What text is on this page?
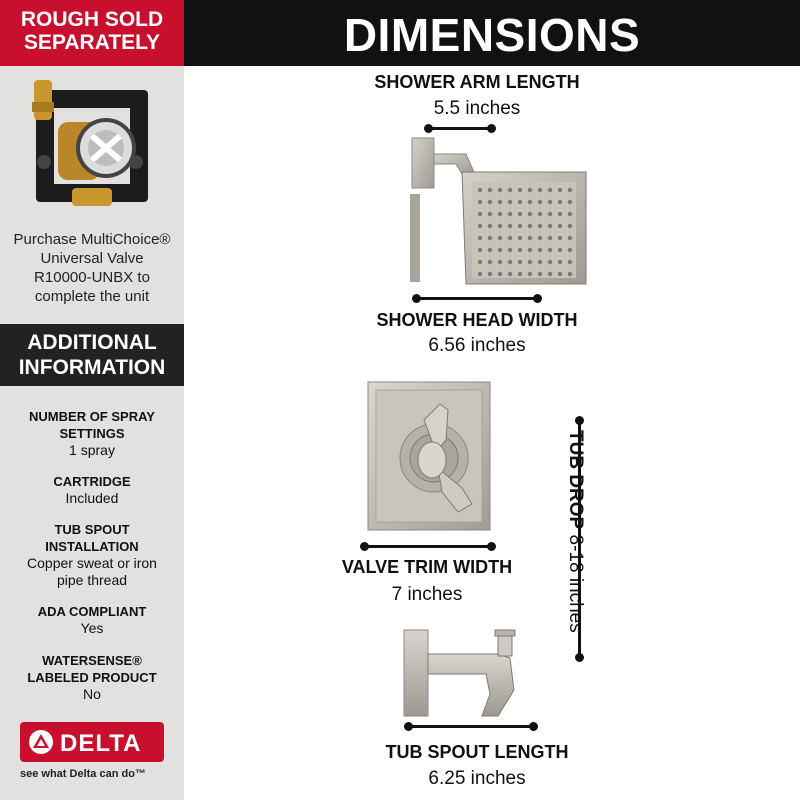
ROUGH SOLD
SEPARATELY
Purchase MultiChoice®
Universal Valve
R10000-UNBX to
complete the unit
ADDITIONAL
INFORMATION
NUMBER OF SPRAY
SETTINGS
1 spray
CARTRIDGE
Included
TUB SPOUT
INSTALLATION
Copper sweat or iron
pipe thread
ADA COMPLIANT
Yes
WATERSENSE®
LABELED PRODUCT
No
DELTA
see what Delta can do™
DIMENSIONS
SHOWER ARM LENGTH
5.5 inches
SHOWER HEAD WIDTH
6.56 inches
VALVE TRIM WIDTH
7 inches
TUB DROP 8-18 inches
TUB SPOUT LENGTH
6.25 inches
